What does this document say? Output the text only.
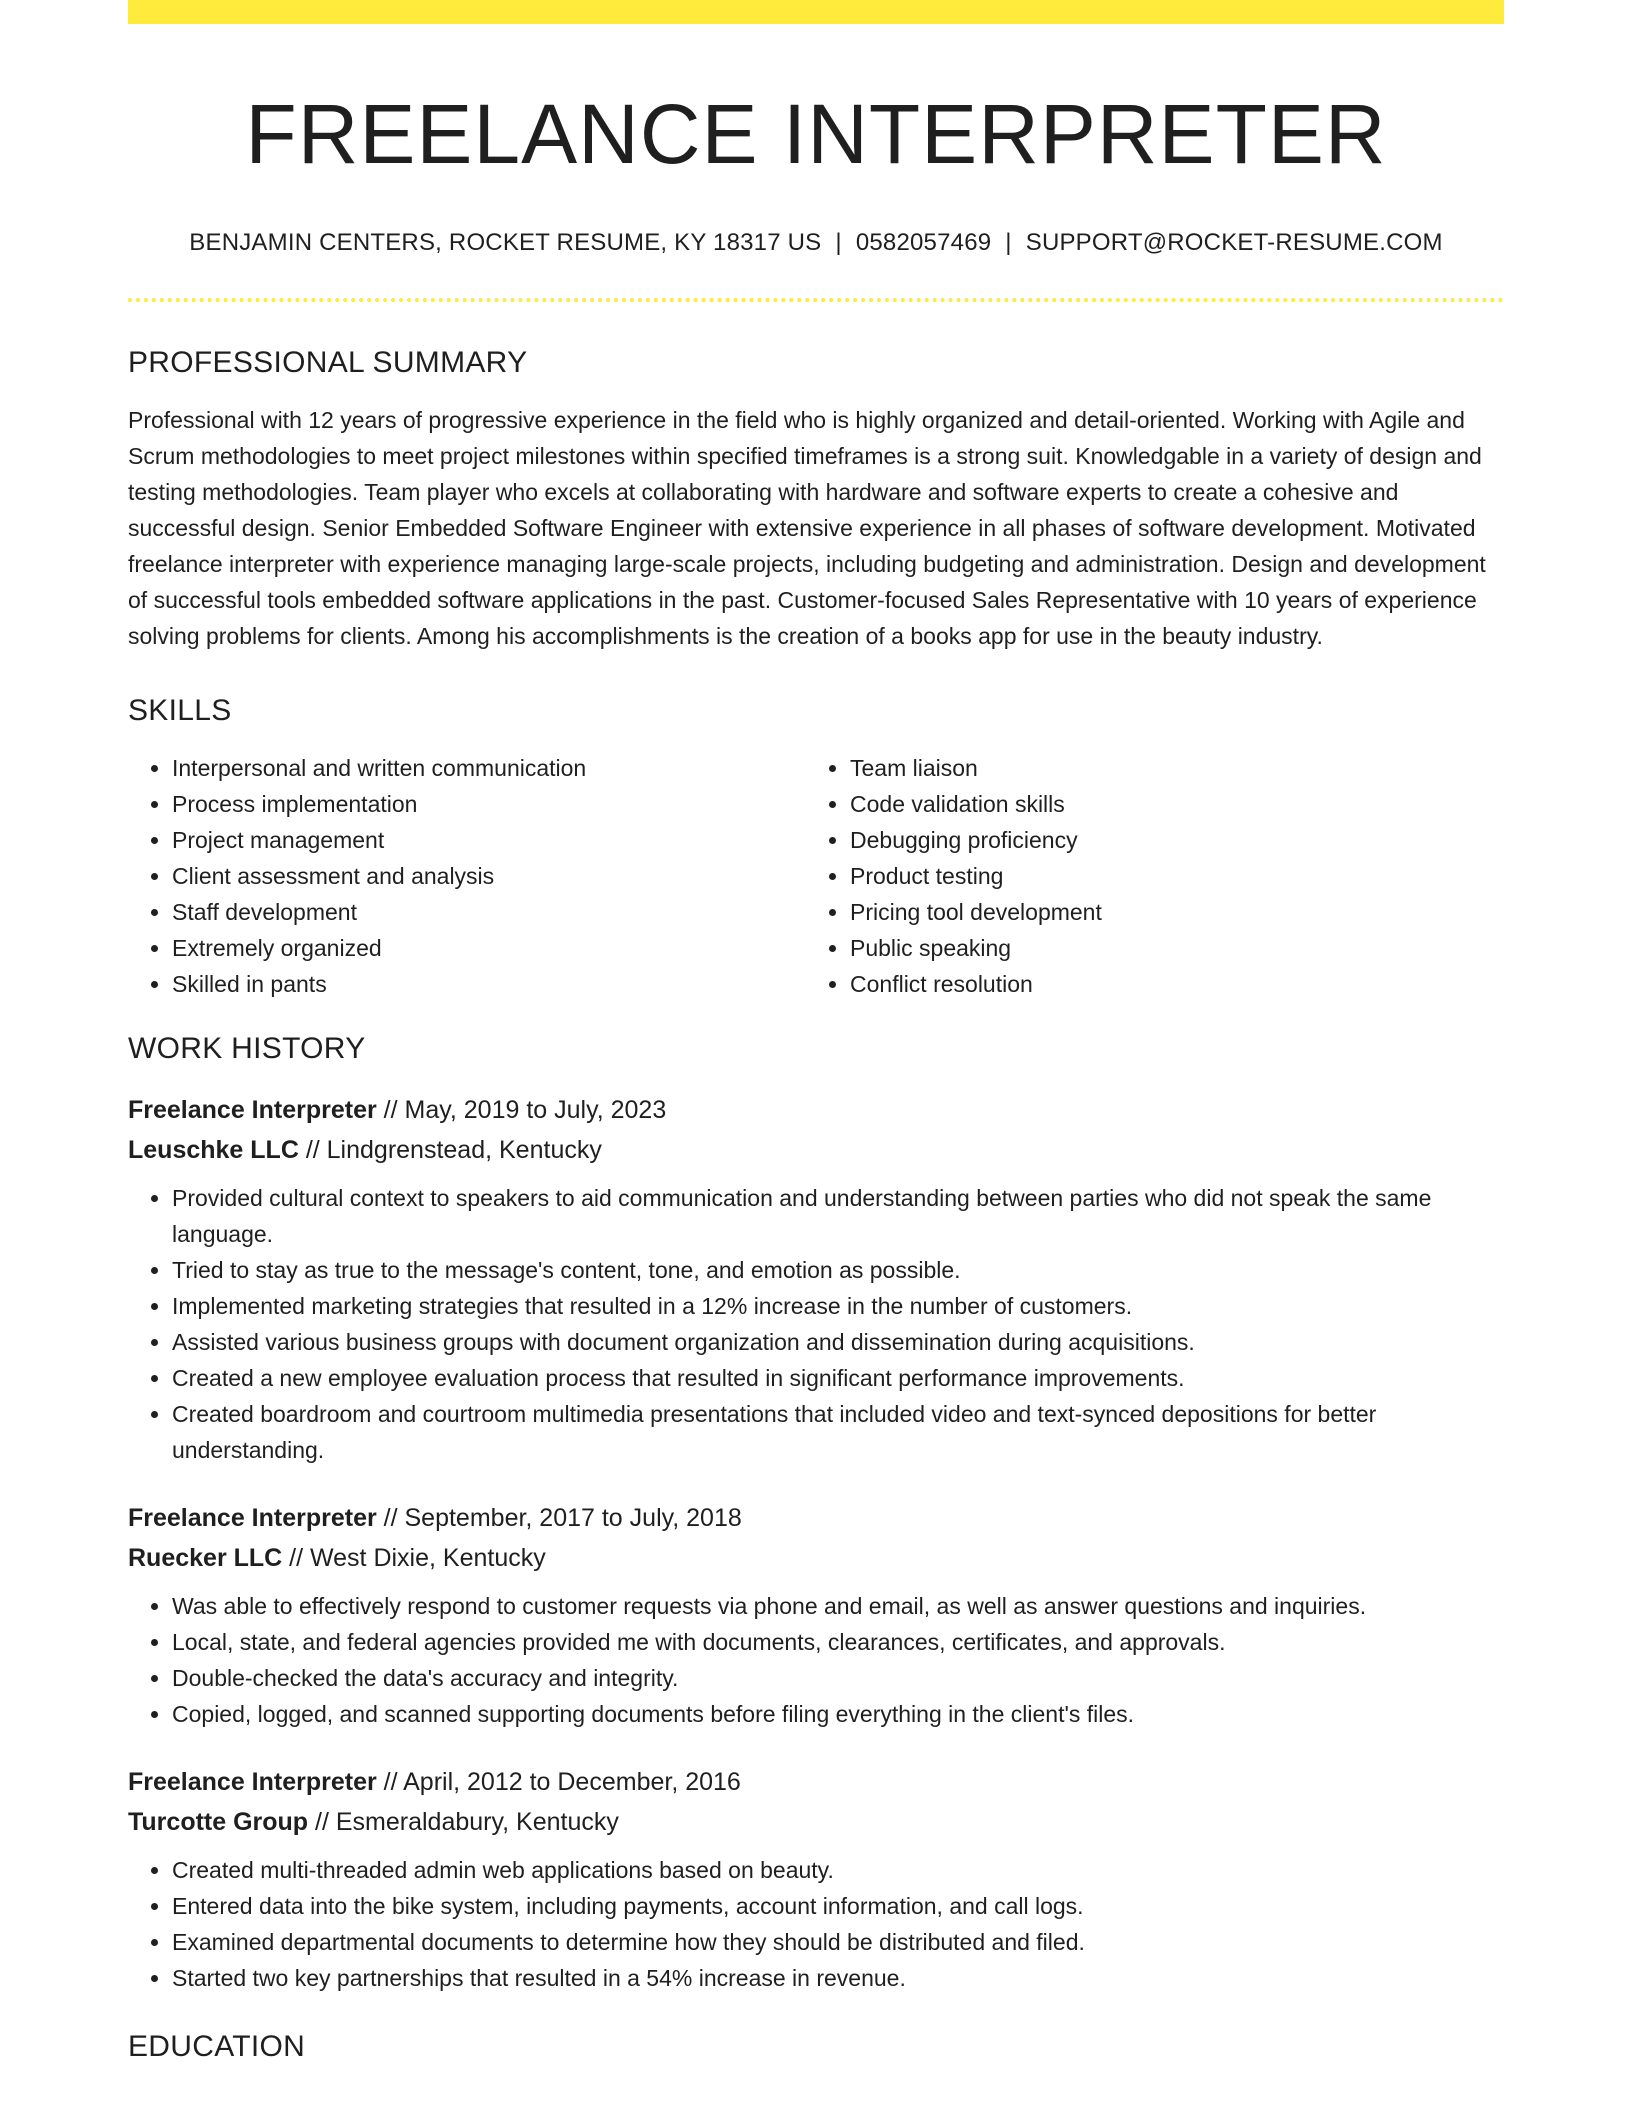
FREELANCE INTERPRETER
BENJAMIN CENTERS, ROCKET RESUME, KY 18317 US | 0582057469 | SUPPORT@ROCKET-RESUME.COM
PROFESSIONAL SUMMARY

Professional with 12 years of progressive experience in the field who is highly organized and detail-oriented. Working with Agile and Scrum methodologies to meet project milestones within specified timeframes is a strong suit. Knowledgable in a variety of design and testing methodologies. Team player who excels at collaborating with hardware and software experts to create a cohesive and successful design. Senior Embedded Software Engineer with extensive experience in all phases of software development. Motivated freelance interpreter with experience managing large-scale projects, including budgeting and administration. Design and development of successful tools embedded software applications in the past. Customer-focused Sales Representative with 10 years of experience solving problems for clients. Among his accomplishments is the creation of a books app for use in the beauty industry.

SKILLS
• Interpersonal and written communication
• Process implementation
• Project management
• Client assessment and analysis
• Staff development
• Extremely organized
• Skilled in pants
• Team liaison
• Code validation skills
• Debugging proficiency
• Product testing
• Pricing tool development
• Public speaking
• Conflict resolution
WORK HISTORY
Freelance Interpreter // May, 2019 to July, 2023
Leuschke LLC // Lindgrenstead, Kentucky
• Provided cultural context to speakers to aid communication and understanding between parties who did not speak the same language.
• Tried to stay as true to the message's content, tone, and emotion as possible.
• Implemented marketing strategies that resulted in a 12% increase in the number of customers.
• Assisted various business groups with document organization and dissemination during acquisitions.
• Created a new employee evaluation process that resulted in significant performance improvements.
• Created boardroom and courtroom multimedia presentations that included video and text-synced depositions for better understanding.
Freelance Interpreter // September, 2017 to July, 2018
Ruecker LLC // West Dixie, Kentucky
• Was able to effectively respond to customer requests via phone and email, as well as answer questions and inquiries.
• Local, state, and federal agencies provided me with documents, clearances, certificates, and approvals.
• Double-checked the data's accuracy and integrity.
• Copied, logged, and scanned supporting documents before filing everything in the client's files.
Freelance Interpreter // April, 2012 to December, 2016
Turcotte Group // Esmeraldabury, Kentucky
• Created multi-threaded admin web applications based on beauty.
• Entered data into the bike system, including payments, account information, and call logs.
• Examined departmental documents to determine how they should be distributed and filed.
• Started two key partnerships that resulted in a 54% increase in revenue.
EDUCATION
